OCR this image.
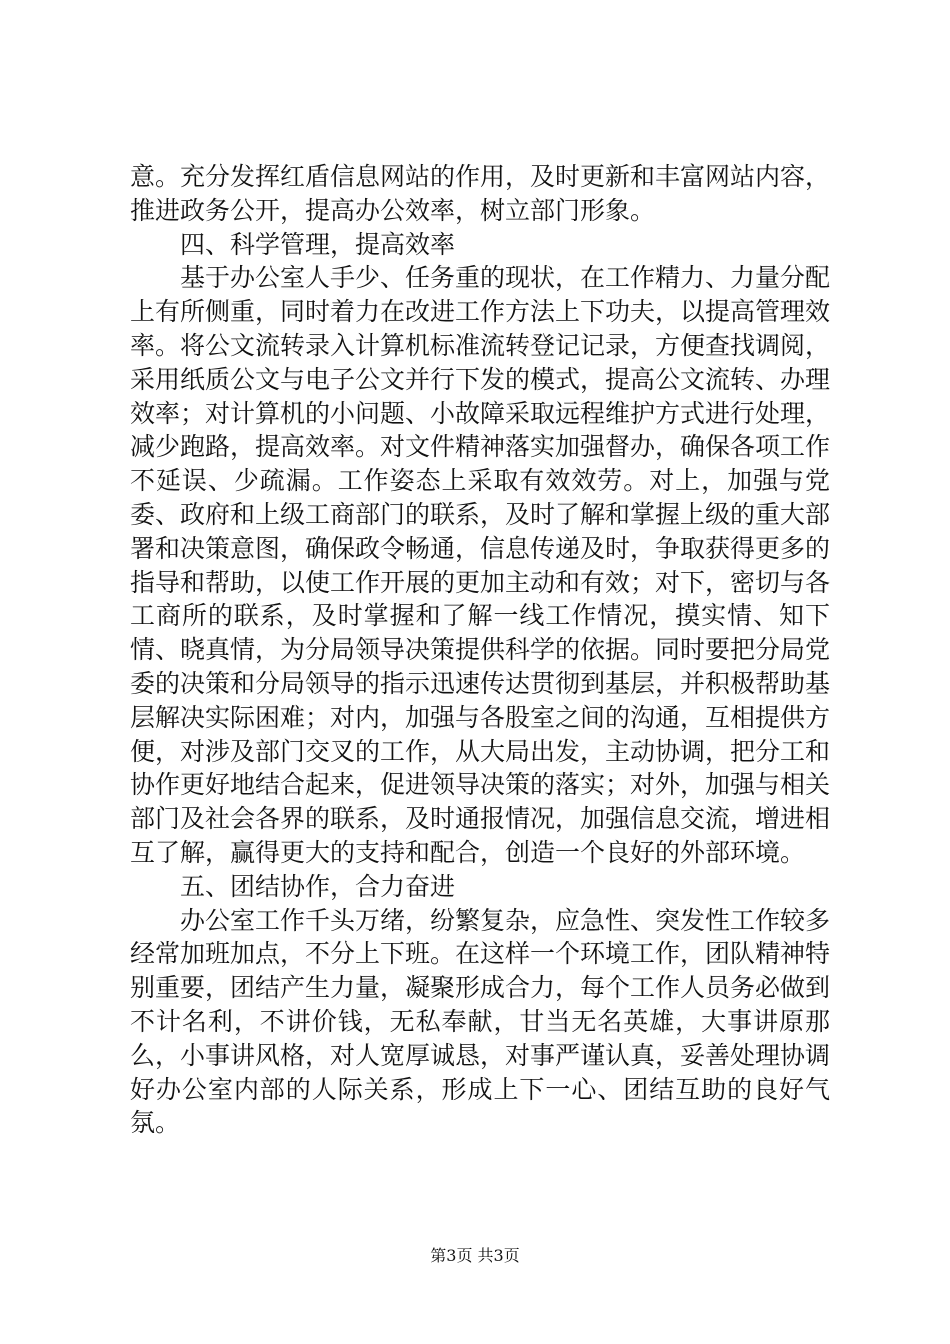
意。充分发挥红盾信息网站的作用，及时更新和丰富网站内容，推进政务公开，提高办公效率，树立部门形象。

四、科学管理，提高效率

基于办公室人手少、任务重的现状，在工作精力、力量分配上有所侧重，同时着力在改进工作方法上下功夫，以提高管理效率。将公文流转录入计算机标准流转登记记录，方便查找调阅，采用纸质公文与电子公文并行下发的模式，提高公文流转、办理效率；对计算机的小问题、小故障采取远程维护方式进行处理，减少跑路，提高效率。对文件精神落实加强督办，确保各项工作不延误、少疏漏。工作姿态上采取有效效劳。对上，加强与党委、政府和上级工商部门的联系，及时了解和掌握上级的重大部署和决策意图，确保政令畅通，信息传递及时，争取获得更多的指导和帮助，以使工作开展的更加主动和有效；对下，密切与各工商所的联系，及时掌握和了解一线工作情况，摸实情、知下情、晓真情，为分局领导决策提供科学的依据。同时要把分局党委的决策和分局领导的指示迅速传达贯彻到基层，并积极帮助基层解决实际困难；对内，加强与各股室之间的沟通，互相提供方便，对涉及部门交叉的工作，从大局出发，主动协调，把分工和协作更好地结合起来，促进领导决策的落实；对外，加强与相关部门及社会各界的联系，及时通报情况，加强信息交流，增进相互了解，赢得更大的支持和配合，创造一个良好的外部环境。

五、团结协作，合力奋进

办公室工作千头万绪，纷繁复杂，应急性、突发性工作较多经常加班加点，不分上下班。在这样一个环境工作，团队精神特别重要，团结产生力量，凝聚形成合力，每个工作人员务必做到不计名利，不讲价钱，无私奉献，甘当无名英雄，大事讲原那么，小事讲风格，对人宽厚诚恳，对事严谨认真，妥善处理协调好办公室内部的人际关系，形成上下一心、团结互助的良好气氛。

第3页 共3页
